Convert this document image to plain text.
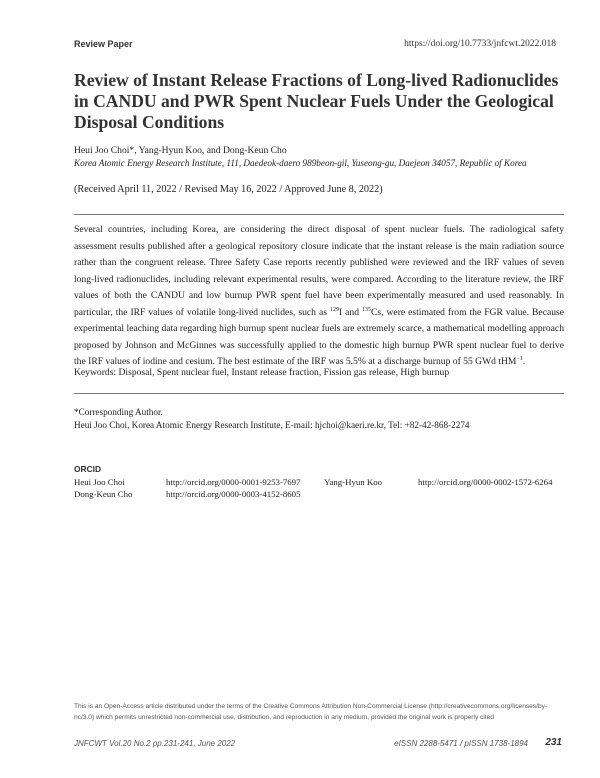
Review Paper	https://doi.org/10.7733/jnfcwt.2022.018
Review of Instant Release Fractions of Long-lived Radionuclides in CANDU and PWR Spent Nuclear Fuels Under the Geological Disposal Conditions
Heui Joo Choi*, Yang-Hyun Koo, and Dong-Keun Cho
Korea Atomic Energy Research Institute, 111, Daedeok-daero 989beon-gil, Yuseong-gu, Daejeon 34057, Republic of Korea
(Received April 11, 2022 / Revised May 16, 2022 / Approved June 8, 2022)

Several countries, including Korea, are considering the direct disposal of spent nuclear fuels. The radiological safety assessment results published after a geological repository closure indicate that the instant release is the main radiation source rather than the congruent release. Three Safety Case reports recently published were reviewed and the IRF values of seven long-lived radionuclides, including relevant experimental results, were compared. According to the literature review, the IRF values of both the CANDU and low burnup PWR spent fuel have been experimentally measured and used reasonably. In particular, the IRF values of volatile long-lived nuclides, such as $^{129}$I and $^{135}$Cs, were estimated from the FGR value. Because experimental leaching data regarding high burnup spent nuclear fuels are extremely scarce, a mathematical modelling approach proposed by Johnson and McGinnes was successfully applied to the domestic high burnup PWR spent nuclear fuel to derive the IRF values of iodine and cesium. The best estimate of the IRF was 5.5% at a discharge burnup of 55 GWd tHM$^{-1}$.

Keywords: Disposal, Spent nuclear fuel, Instant release fraction, Fission gas release, High burnup
*Corresponding Author.
Heui Joo Choi, Korea Atomic Energy Research Institute, E-mail: hjchoi@kaeri.re.kr, Tel: +82-42-868-2274
ORCID
Heui Joo Choi	http://orcid.org/0000-0001-9253-7697	Yang-Hyun Koo	http://orcid.org/0000-0002-1572-6264
Dong-Keun Cho	http://orcid.org/0000-0003-4152-8605

This is an Open-Access article distributed under the terms of the Creative Commons Attribution Non-Commercial License (http://creativecommons.org/licenses/by-nc/3.0) which permits unrestricted non-commercial use, distribution, and reproduction in any medium, provided the original work is properly cited

JNFCWT Vol.20 No.2 pp.231-241, June 2022	eISSN 2288-5471 / pISSN 1738-1894	231
